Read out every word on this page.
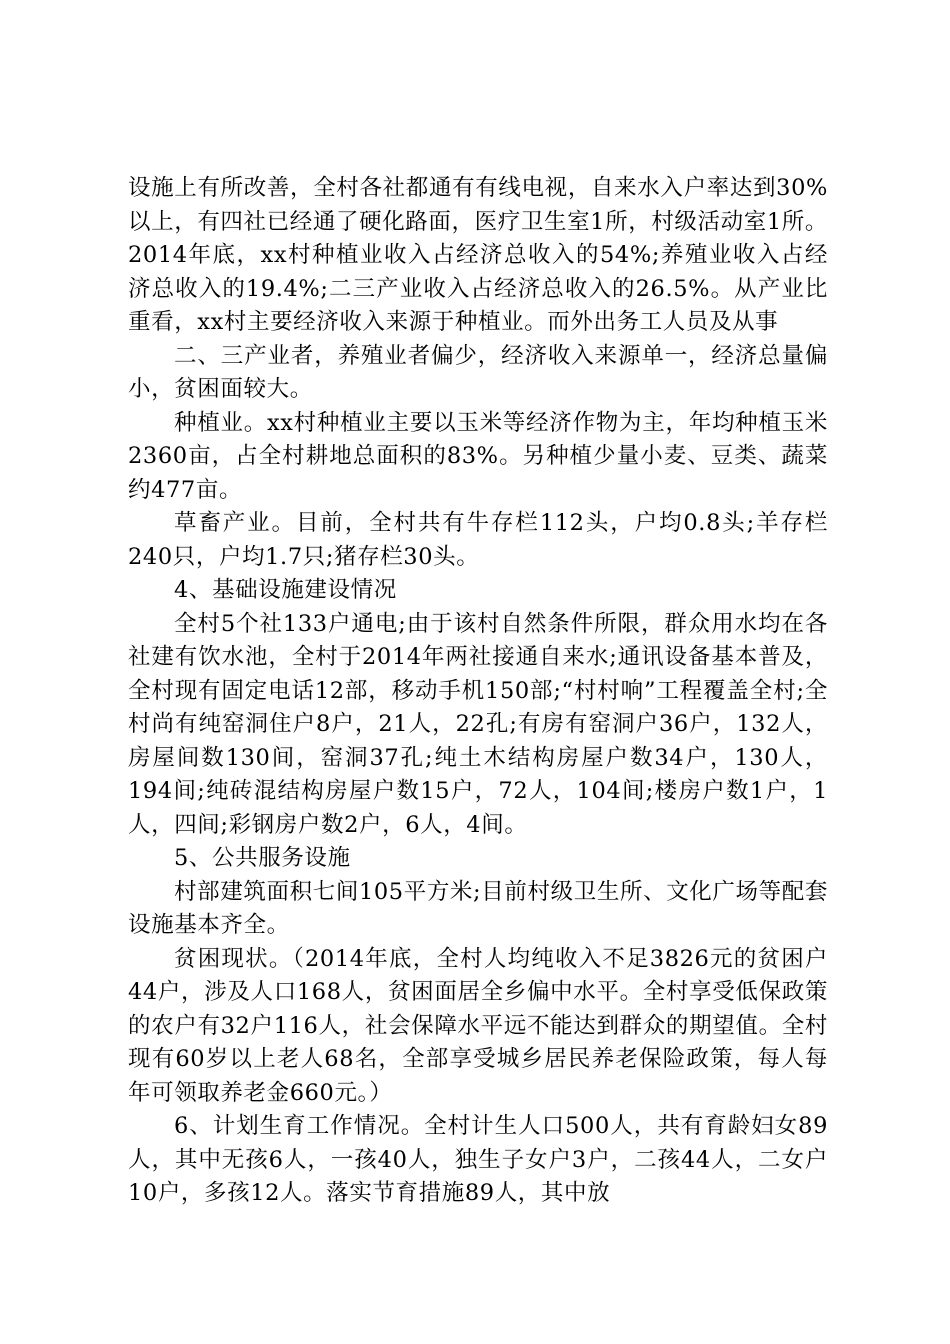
设施上有所改善，全村各社都通有有线电视，自来水入户率达到30%以上，有四社已经通了硬化路面，医疗卫生室1所，村级活动室1所。2014年底，xx村种植业收入占经济总收入的54%;养殖业收入占经济总收入的19.4%;二三产业收入占经济总收入的26.5%。从产业比重看，xx村主要经济收入来源于种植业。而外出务工人员及从事

二、三产业者，养殖业者偏少，经济收入来源单一，经济总量偏小，贫困面较大。

种植业。xx村种植业主要以玉米等经济作物为主，年均种植玉米2360亩，占全村耕地总面积的83%。另种植少量小麦、豆类、蔬菜约477亩。

草畜产业。目前，全村共有牛存栏112头，户均0.8头;羊存栏240只，户均1.7只;猪存栏30头。

4、基础设施建设情况

全村5个社133户通电;由于该村自然条件所限，群众用水均在各社建有饮水池，全村于2014年两社接通自来水;通讯设备基本普及，全村现有固定电话12部，移动手机150部;“村村响”工程覆盖全村;全村尚有纯窑洞住户8户，21人，22孔;有房有窑洞户36户，132人，房屋间数130间，窑洞37孔;纯土木结构房屋户数34户，130人，194间;纯砖混结构房屋户数15户，72人，104间;楼房户数1户，1人，四间;彩钢房户数2户，6人，4间。

5、公共服务设施

村部建筑面积七间105平方米;目前村级卫生所、文化广场等配套设施基本齐全。

贫困现状。（2014年底，全村人均纯收入不足3826元的贫困户44户，涉及人口168人，贫困面居全乡偏中水平。全村享受低保政策的农户有32户116人，社会保障水平远不能达到群众的期望值。全村现有60岁以上老人68名，全部享受城乡居民养老保险政策，每人每年可领取养老金660元。）

6、计划生育工作情况。全村计生人口500人，共有育龄妇女89人，其中无孩6人，一孩40人，独生子女户3户，二孩44人，二女户10户，多孩12人。落实节育措施89人，其中放
